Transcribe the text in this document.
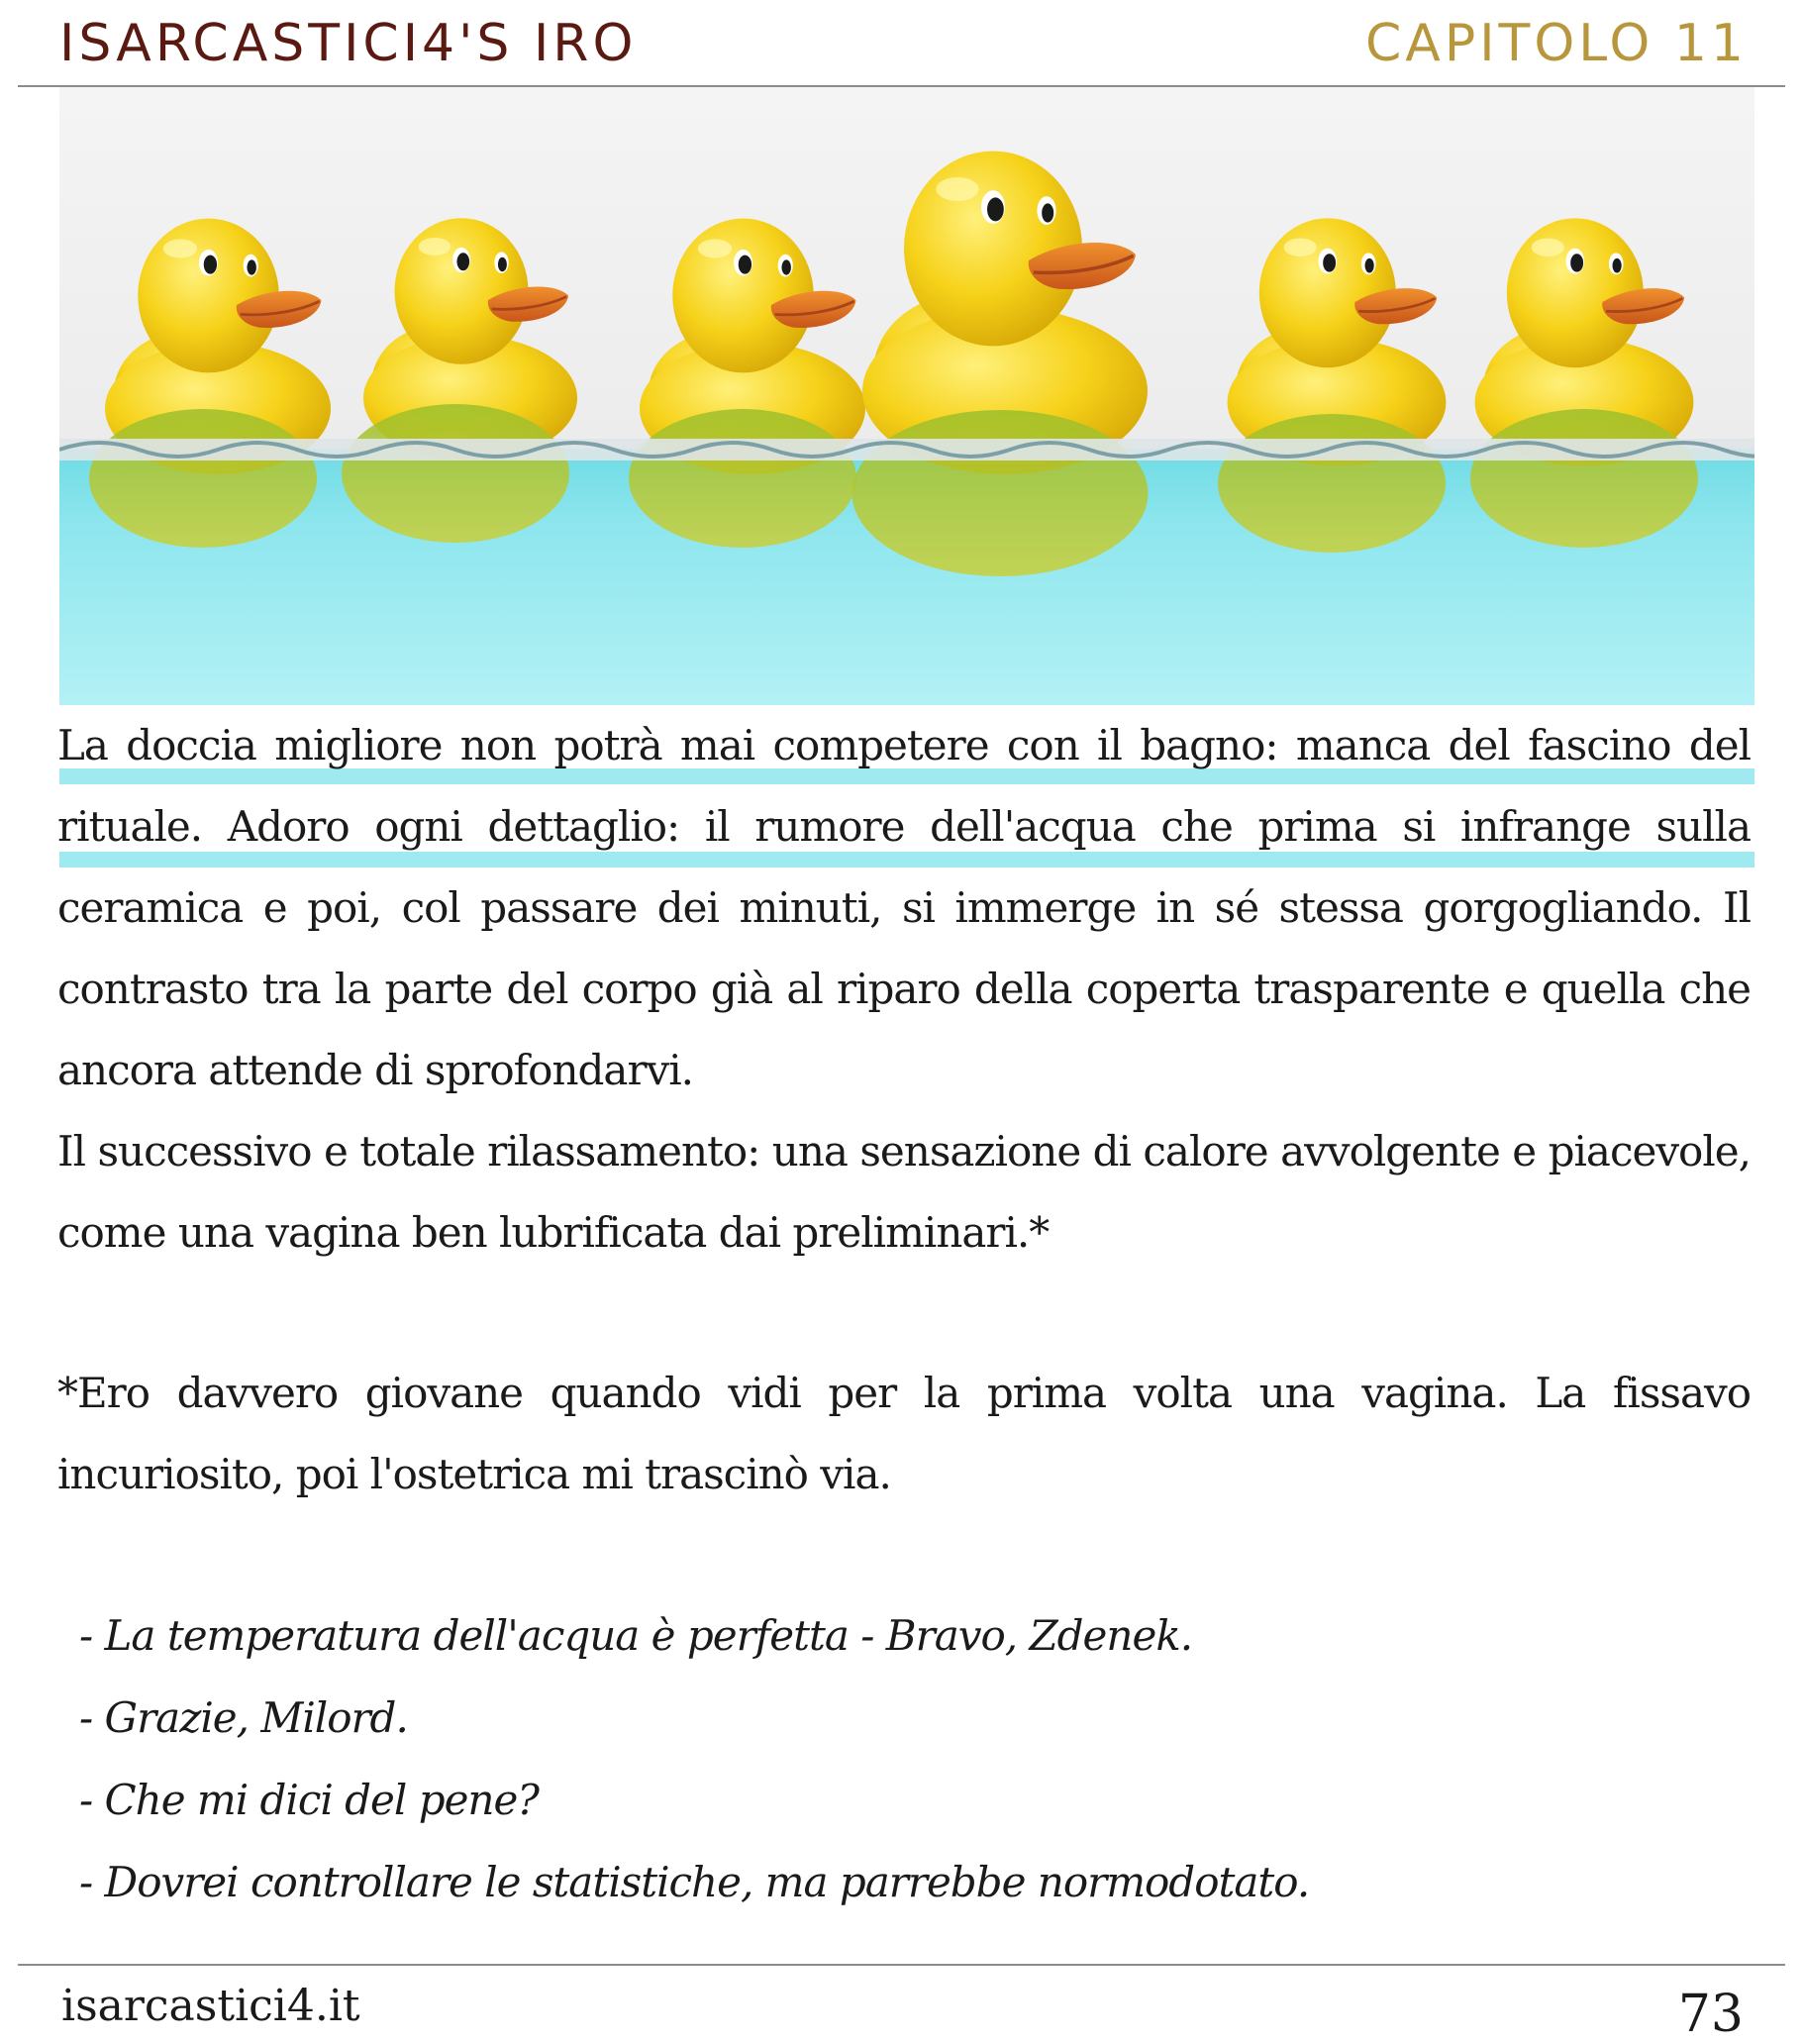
ISARCASTICI4'S IRO	CAPITOLO 11

La doccia migliore non potrà mai competere con il bagno: manca del fascino del rituale. Adoro ogni dettaglio: il rumore dell'acqua che prima si infrange sulla ceramica e poi, col passare dei minuti, si immerge in sé stessa gorgogliando. Il contrasto tra la parte del corpo già al riparo della coperta trasparente e quella che ancora attende di sprofondarvi.

Il successivo e totale rilassamento: una sensazione di calore avvolgente e piacevole, come una vagina ben lubrificata dai preliminari.*

*Ero davvero giovane quando vidi per la prima volta una vagina. La fissavo incuriosito, poi l'ostetrica mi trascinò via.

- La temperatura dell'acqua è perfetta - Bravo, Zdenek.
- Grazie, Milord.
- Che mi dici del pene?
- Dovrei controllare le statistiche, ma parrebbe normodotato.
isarcastici4.it	73
